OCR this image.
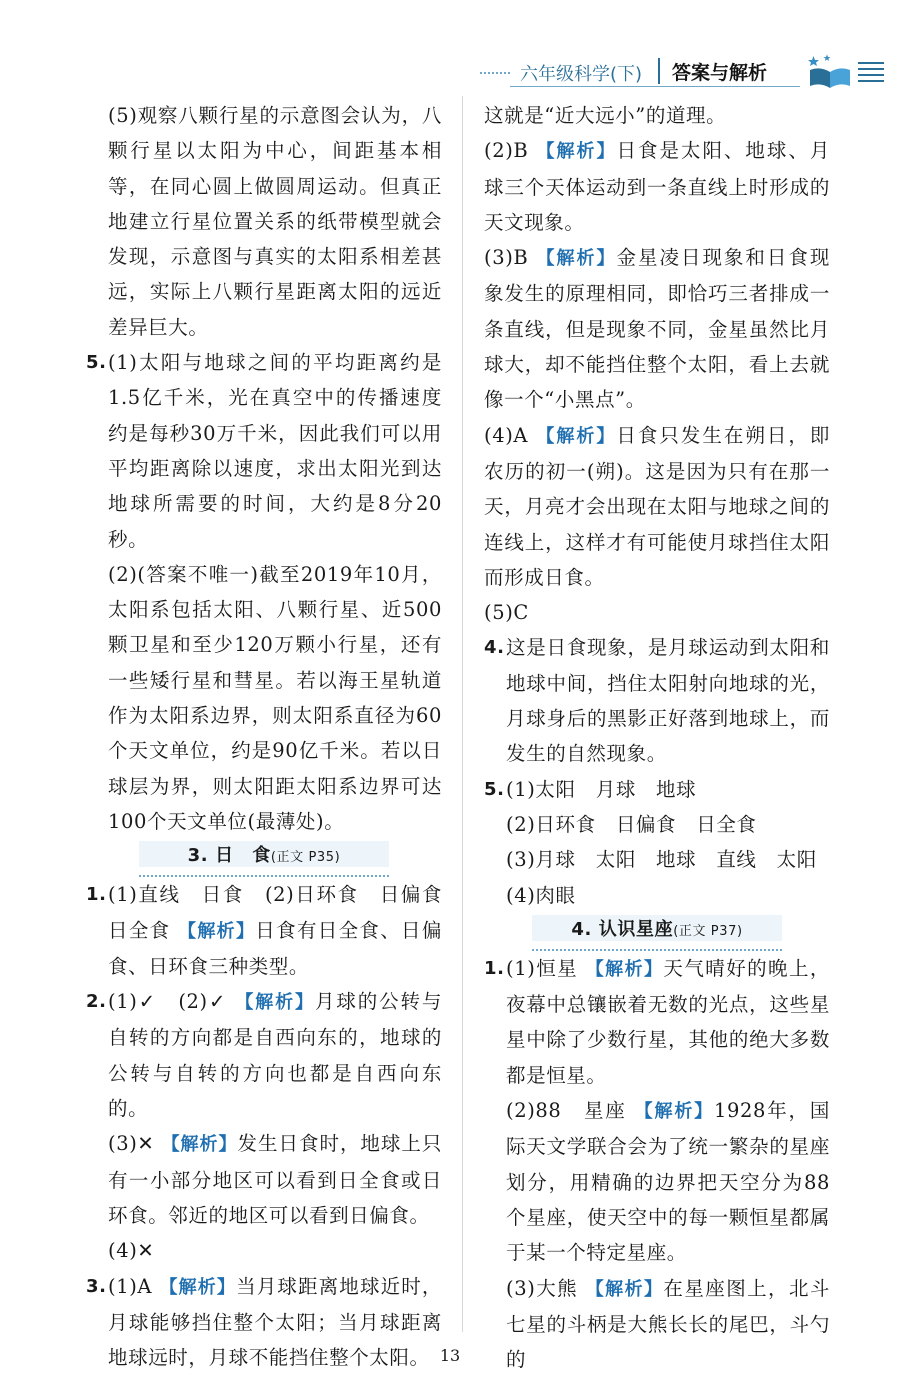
六年级科学(下) 答案与解析

(5)观察八颗行星的示意图会认为，八颗行星以太阳为中心，间距基本相等，在同心圆上做圆周运动。但真正地建立行星位置关系的纸带模型就会发现，示意图与真实的太阳系相差甚远，实际上八颗行星距离太阳的远近差异巨大。

5. (1)太阳与地球之间的平均距离约是1.5亿千米，光在真空中的传播速度约是每秒30万千米，因此我们可以用平均距离除以速度，求出太阳光到达地球所需要的时间，大约是8分20秒。

(2)(答案不唯一)截至2019年10月，太阳系包括太阳、八颗行星、近500颗卫星和至少120万颗小行星，还有一些矮行星和彗星。若以海王星轨道作为太阳系边界，则太阳系直径为60个天文单位，约是90亿千米。若以日球层为界，则太阳距太阳系边界可达100个天文单位(最薄处)。

3. 日　食(正文 P35)
1. (1)直线　日食　(2)日环食　日偏食　日全食 【解析】日食有日全食、日偏食、日环食三种类型。

2. (1)✓　(2)✓ 【解析】月球的公转与自转的方向都是自西向东的，地球的公转与自转的方向也都是自西向东的。

(3)✕ 【解析】发生日食时，地球上只有一小部分地区可以看到日全食或日环食。邻近的地区可以看到日偏食。

(4)✕

3. (1)A 【解析】当月球距离地球近时，月球能够挡住整个太阳；当月球距离地球远时，月球不能挡住整个太阳。

这就是“近大远小”的道理。

(2)B 【解析】日食是太阳、地球、月球三个天体运动到一条直线上时形成的天文现象。

(3)B 【解析】金星凌日现象和日食现象发生的原理相同，即恰巧三者排成一条直线，但是现象不同，金星虽然比月球大，却不能挡住整个太阳，看上去就像一个“小黑点”。

(4)A 【解析】日食只发生在朔日，即农历的初一(朔)。这是因为只有在那一天，月亮才会出现在太阳与地球之间的连线上，这样才有可能使月球挡住太阳而形成日食。

(5)C

4. 这是日食现象，是月球运动到太阳和地球中间，挡住太阳射向地球的光，月球身后的黑影正好落到地球上，而发生的自然现象。

5. (1)太阳　月球　地球

(2)日环食　日偏食　日全食

(3)月球　太阳　地球　直线　太阳

(4)肉眼

4. 认识星座(正文 P37)
1. (1)恒星 【解析】天气晴好的晚上，夜幕中总镶嵌着无数的光点，这些星星中除了少数行星，其他的绝大多数都是恒星。

(2)88　星座 【解析】1928年，国际天文学联合会为了统一繁杂的星座划分，用精确的边界把天空分为88个星座，使天空中的每一颗恒星都属于某一个特定星座。

(3)大熊 【解析】在星座图上，北斗七星的斗柄是大熊长长的尾巴，斗勺的

13
